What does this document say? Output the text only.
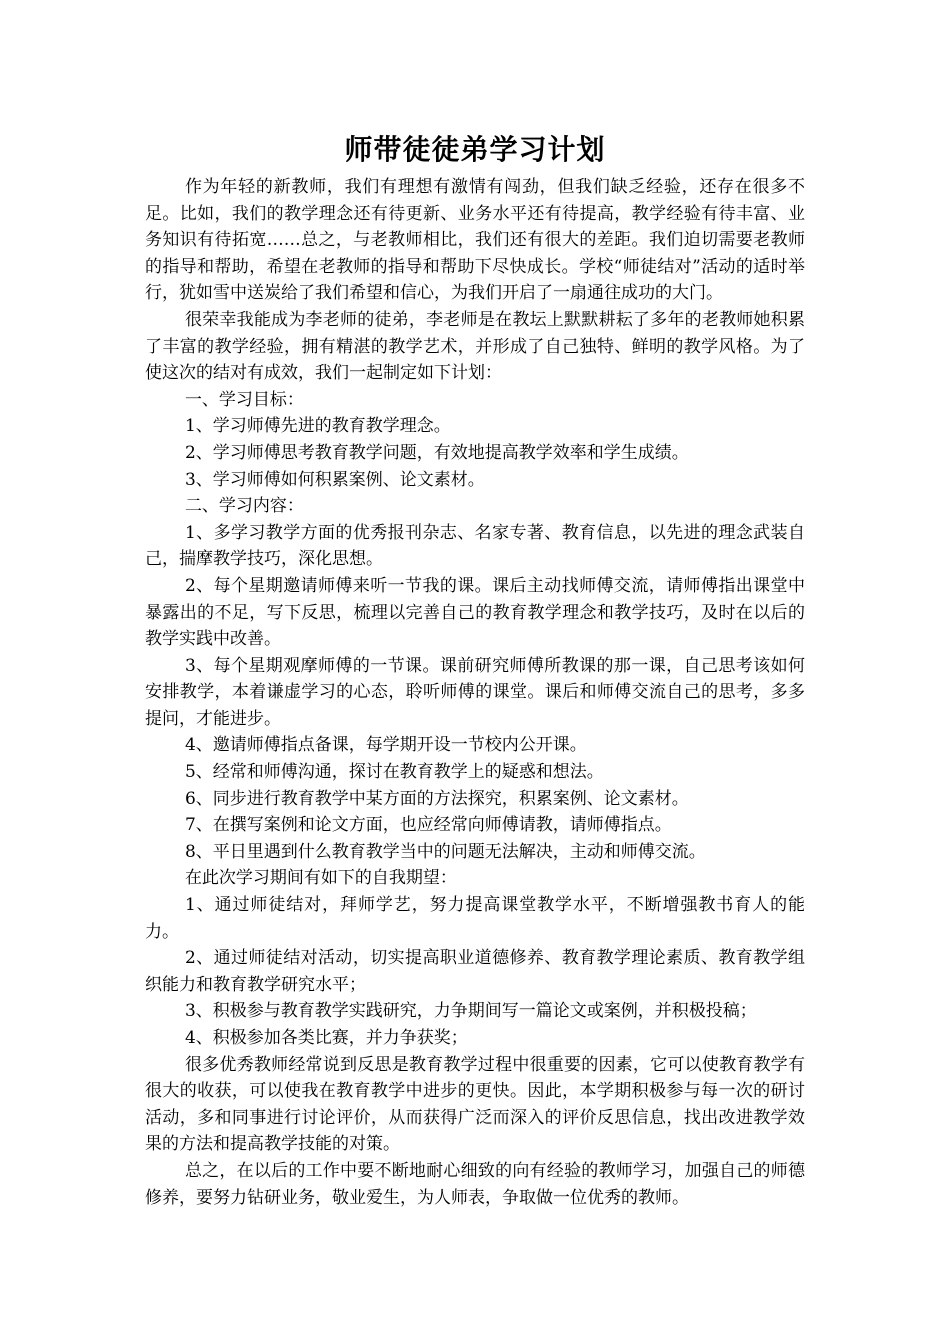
师带徒徒弟学习计划

作为年轻的新教师，我们有理想有激情有闯劲，但我们缺乏经验，还存在很多不足。比如，我们的教学理念还有待更新、业务水平还有待提高，教学经验有待丰富、业务知识有待拓宽……总之，与老教师相比，我们还有很大的差距。我们迫切需要老教师的指导和帮助，希望在老教师的指导和帮助下尽快成长。学校“师徒结对”活动的适时举行，犹如雪中送炭给了我们希望和信心，为我们开启了一扇通往成功的大门。

很荣幸我能成为李老师的徒弟，李老师是在教坛上默默耕耘了多年的老教师她积累了丰富的教学经验，拥有精湛的教学艺术，并形成了自己独特、鲜明的教学风格。为了使这次的结对有成效，我们一起制定如下计划：

一、学习目标：

1、学习师傅先进的教育教学理念。

2、学习师傅思考教育教学问题，有效地提高教学效率和学生成绩。

3、学习师傅如何积累案例、论文素材。

二、学习内容：

1、多学习教学方面的优秀报刊杂志、名家专著、教育信息，以先进的理念武装自己，揣摩教学技巧，深化思想。

2、每个星期邀请师傅来听一节我的课。课后主动找师傅交流，请师傅指出课堂中暴露出的不足，写下反思，梳理以完善自己的教育教学理念和教学技巧，及时在以后的教学实践中改善。

3、每个星期观摩师傅的一节课。课前研究师傅所教课的那一课，自己思考该如何安排教学，本着谦虚学习的心态，聆听师傅的课堂。课后和师傅交流自己的思考，多多提问，才能进步。

4、邀请师傅指点备课，每学期开设一节校内公开课。

5、经常和师傅沟通，探讨在教育教学上的疑惑和想法。

6、同步进行教育教学中某方面的方法探究，积累案例、论文素材。

7、在撰写案例和论文方面，也应经常向师傅请教，请师傅指点。

8、平日里遇到什么教育教学当中的问题无法解决，主动和师傅交流。

在此次学习期间有如下的自我期望：

1、通过师徒结对，拜师学艺，努力提高课堂教学水平，不断增强教书育人的能力。

2、通过师徒结对活动，切实提高职业道德修养、教育教学理论素质、教育教学组织能力和教育教学研究水平；

3、积极参与教育教学实践研究，力争期间写一篇论文或案例，并积极投稿；

4、积极参加各类比赛，并力争获奖；

很多优秀教师经常说到反思是教育教学过程中很重要的因素，它可以使教育教学有很大的收获，可以使我在教育教学中进步的更快。因此，本学期积极参与每一次的研讨活动，多和同事进行讨论评价，从而获得广泛而深入的评价反思信息，找出改进教学效果的方法和提高教学技能的对策。

总之，在以后的工作中要不断地耐心细致的向有经验的教师学习，加强自己的师德修养，要努力钻研业务，敬业爱生，为人师表，争取做一位优秀的教师。
